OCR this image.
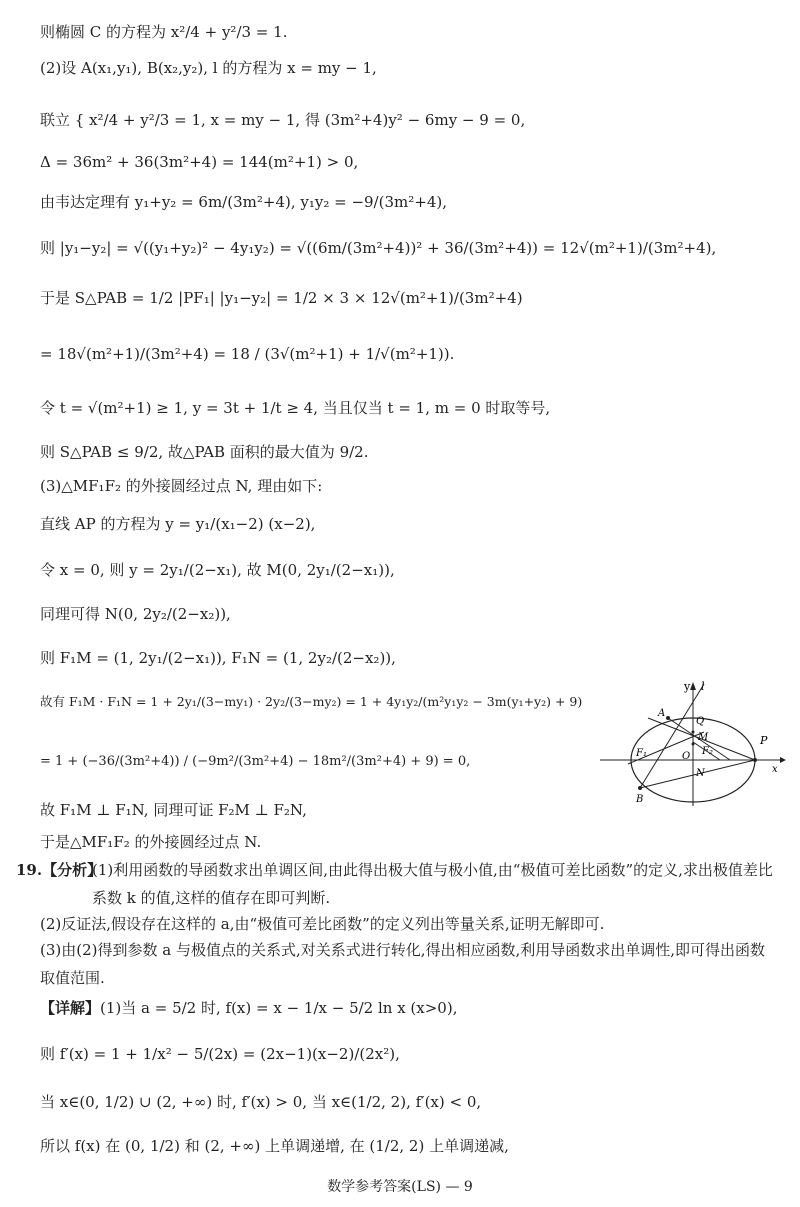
则椭圆 C 的方程为 x²/4 + y²/3 = 1.
(2)设 A(x₁,y₁), B(x₂,y₂), l 的方程为 x = my − 1,
联立 { x²/4 + y²/3 = 1, x = my − 1, 得 (3m²+4)y² − 6my − 9 = 0,
Δ = 36m² + 36(3m²+4) = 144(m²+1) > 0,
由韦达定理有 y₁+y₂ = 6m/(3m²+4), y₁y₂ = −9/(3m²+4),
则 |y₁−y₂| = √((y₁+y₂)² − 4y₁y₂) = √((6m/(3m²+4))² + 36/(3m²+4)) = 12√(m²+1)/(3m²+4),
于是 S△PAB = 1/2 |PF₁| |y₁−y₂| = 1/2 × 3 × 12√(m²+1)/(3m²+4)
= 18√(m²+1)/(3m²+4) = 18 / (3√(m²+1) + 1/√(m²+1)).
令 t = √(m²+1) ≥ 1, y = 3t + 1/t ≥ 4, 当且仅当 t = 1, m = 0 时取等号,
则 S△PAB ≤ 9/2, 故△PAB 面积的最大值为 9/2.
(3)△MF₁F₂ 的外接圆经过点 N, 理由如下:
直线 AP 的方程为 y = y₁/(x₁−2) (x−2),
令 x = 0, 则 y = 2y₁/(2−x₁), 故 M(0, 2y₁/(2−x₁)),
同理可得 N(0, 2y₂/(2−x₂)),
则 F₁M = (1, 2y₁/(2−x₁)), F₁N = (1, 2y₂/(2−x₂)),
故有 F₁M · F₁N = 1 + 2y₁/(3−my₁) · 2y₂/(3−my₂) = 1 + 4y₁y₂/(m²y₁y₂ − 3m(y₁+y₂) + 9)
= 1 + (−36/(3m²+4)) / (−9m²/(3m²+4) − 18m²/(3m²+4) + 9) = 0,
故 F₁M ⊥ F₁N, 同理可证 F₂M ⊥ F₂N,
于是△MF₁F₂ 的外接圆经过点 N.
y l
A
Q
M
F₁	O F₂
P
N
B
x
19.【分析】
(1)利用函数的导函数求出单调区间,由此得出极大值与极小值,由“极值可差比函数”的定义,求出极值差比系数 k 的值,这样的值存在即可判断.
(2)反证法,假设存在这样的 a,由“极值可差比函数”的定义列出等量关系,证明无解即可.
(3)由(2)得到参数 a 与极值点的关系式,对关系式进行转化,得出相应函数,利用导函数求出单调性,即可得出函数取值范围.
【详解】(1)当 a = 5/2 时, f(x) = x − 1/x − 5/2 ln x (x>0),
则 f′(x) = 1 + 1/x² − 5/(2x) = (2x−1)(x−2)/(2x²),
当 x∈(0, 1/2) ∪ (2, +∞) 时, f′(x) > 0, 当 x∈(1/2, 2), f′(x) < 0,
所以 f(x) 在 (0, 1/2) 和 (2, +∞) 上单调递增, 在 (1/2, 2) 上单调递减,
数学参考答案(LS) — 9
